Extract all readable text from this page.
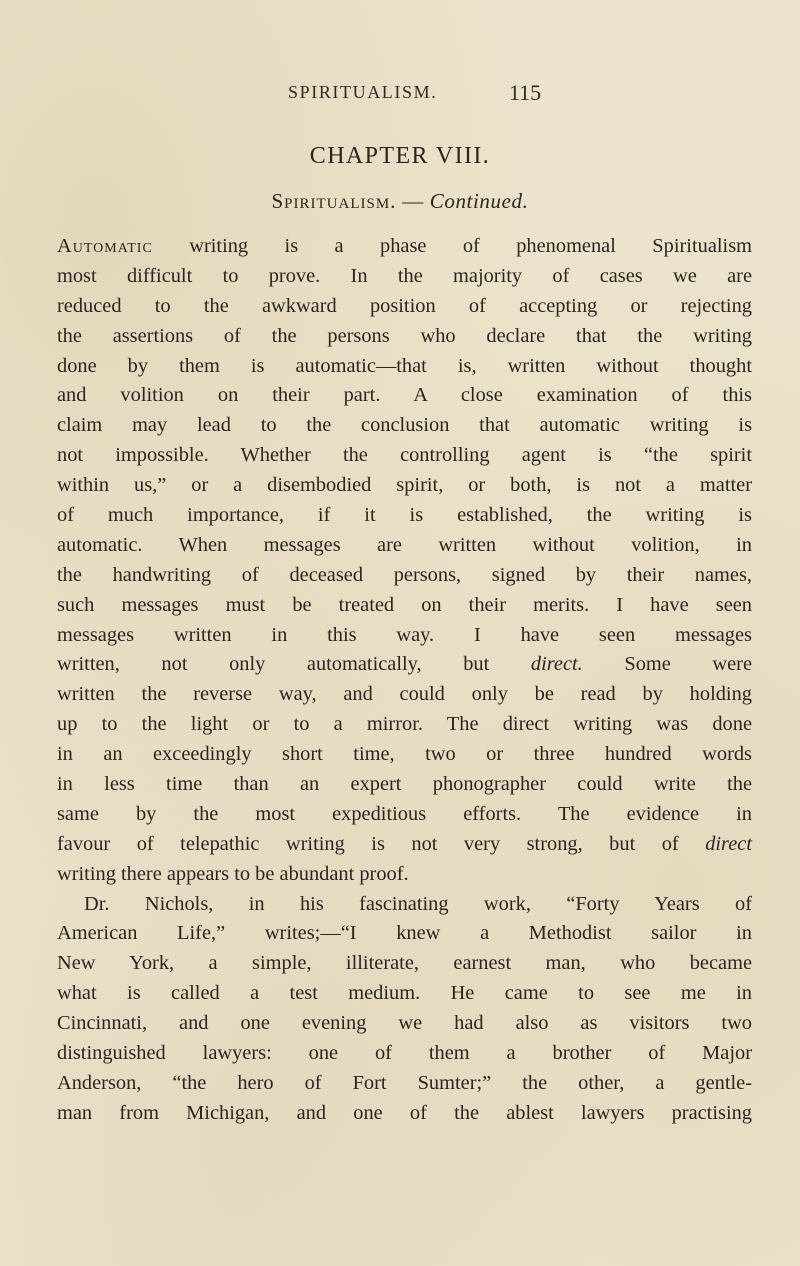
SPIRITUALISM.	115
CHAPTER VIII.
Spiritualism. — Continued.
Automatic writing is a phase of phenomenal Spiritualism
most difficult to prove. In the majority of cases we are
reduced to the awkward position of accepting or rejecting
the assertions of the persons who declare that the writing
done by them is automatic—that is, written without thought
and volition on their part. A close examination of this
claim may lead to the conclusion that automatic writing is
not impossible. Whether the controlling agent is “the spirit
within us,” or a disembodied spirit, or both, is not a matter
of much importance, if it is established, the writing is
automatic. When messages are written without volition, in
the handwriting of deceased persons, signed by their names,
such messages must be treated on their merits. I have seen
messages written in this way. I have seen messages
written, not only automatically, but direct. Some were
written the reverse way, and could only be read by holding
up to the light or to a mirror. The direct writing was done
in an exceedingly short time, two or three hundred words
in less time than an expert phonographer could write the
same by the most expeditious efforts. The evidence in
favour of telepathic writing is not very strong, but of direct
writing there appears to be abundant proof.
Dr. Nichols, in his fascinating work, “Forty Years of
American Life,” writes;—“I knew a Methodist sailor in
New York, a simple, illiterate, earnest man, who became
what is called a test medium. He came to see me in
Cincinnati, and one evening we had also as visitors two
distinguished lawyers: one of them a brother of Major
Anderson, “the hero of Fort Sumter;” the other, a gentle-
man from Michigan, and one of the ablest lawyers practising
